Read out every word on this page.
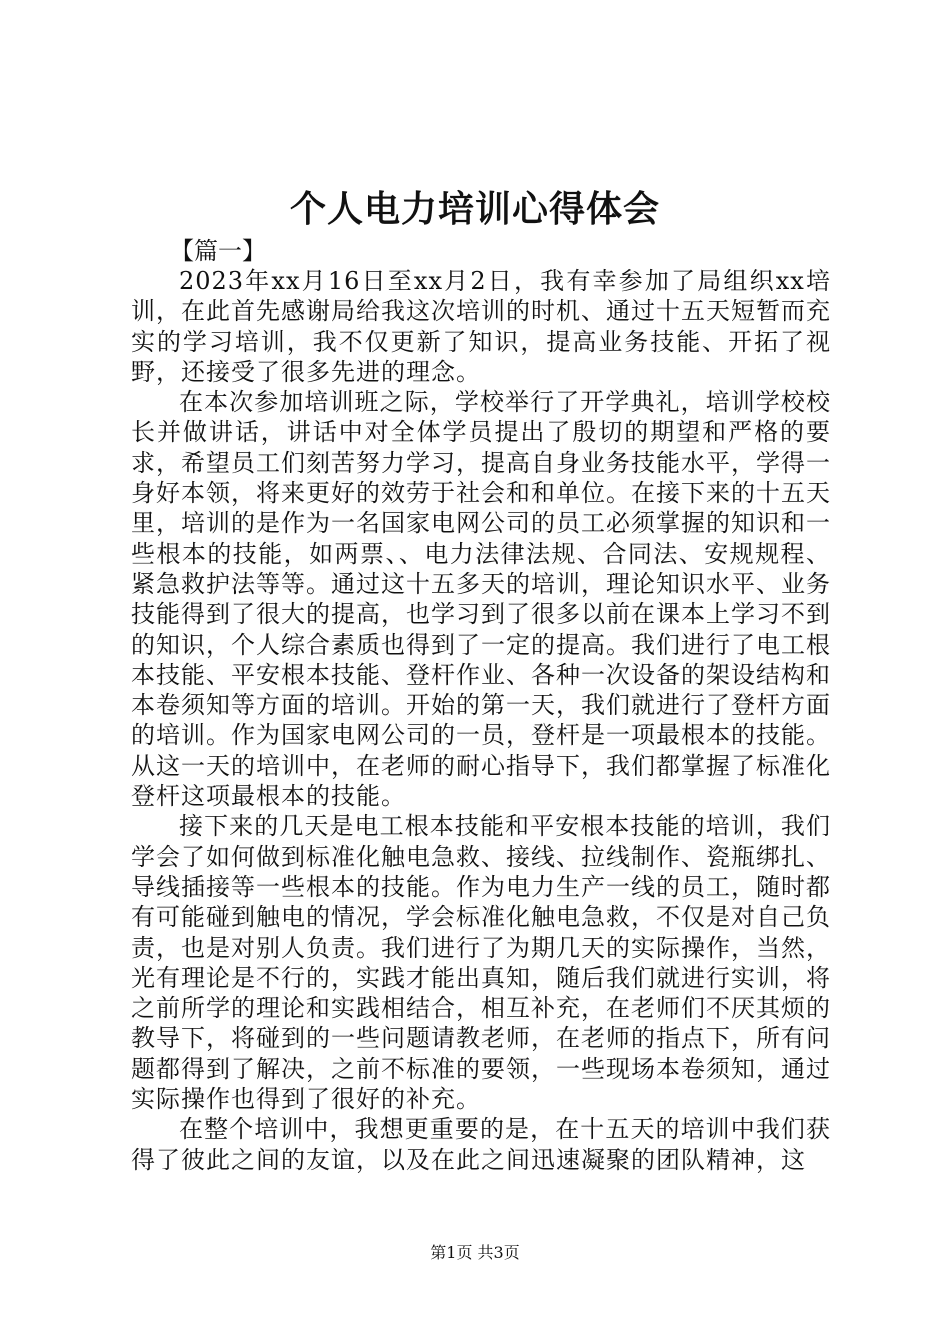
个人电力培训心得体会
【篇一】

2023年xx月16日至xx月2日，我有幸参加了局组织xx培训，在此首先感谢局给我这次培训的时机、通过十五天短暂而充实的学习培训，我不仅更新了知识，提高业务技能、开拓了视野，还接受了很多先进的理念。

在本次参加培训班之际，学校举行了开学典礼，培训学校校长并做讲话，讲话中对全体学员提出了殷切的期望和严格的要求，希望员工们刻苦努力学习，提高自身业务技能水平，学得一身好本领，将来更好的效劳于社会和和单位。在接下来的十五天里，培训的是作为一名国家电网公司的员工必须掌握的知识和一些根本的技能，如两票、、电力法律法规、合同法、安规规程、紧急救护法等等。通过这十五多天的培训，理论知识水平、业务技能得到了很大的提高，也学习到了很多以前在课本上学习不到的知识，个人综合素质也得到了一定的提高。我们进行了电工根本技能、平安根本技能、登杆作业、各种一次设备的架设结构和本卷须知等方面的培训。开始的第一天，我们就进行了登杆方面的培训。作为国家电网公司的一员，登杆是一项最根本的技能。从这一天的培训中，在老师的耐心指导下，我们都掌握了标准化登杆这项最根本的技能。

接下来的几天是电工根本技能和平安根本技能的培训，我们学会了如何做到标准化触电急救、接线、拉线制作、瓷瓶绑扎、导线插接等一些根本的技能。作为电力生产一线的员工，随时都有可能碰到触电的情况，学会标准化触电急救，不仅是对自己负责，也是对别人负责。我们进行了为期几天的实际操作，当然，光有理论是不行的，实践才能出真知，随后我们就进行实训，将之前所学的理论和实践相结合，相互补充，在老师们不厌其烦的教导下，将碰到的一些问题请教老师，在老师的指点下，所有问题都得到了解决，之前不标准的要领，一些现场本卷须知，通过实际操作也得到了很好的补充。

在整个培训中，我想更重要的是，在十五天的培训中我们获得了彼此之间的友谊，以及在此之间迅速凝聚的团队精神，这

第1页 共3页
